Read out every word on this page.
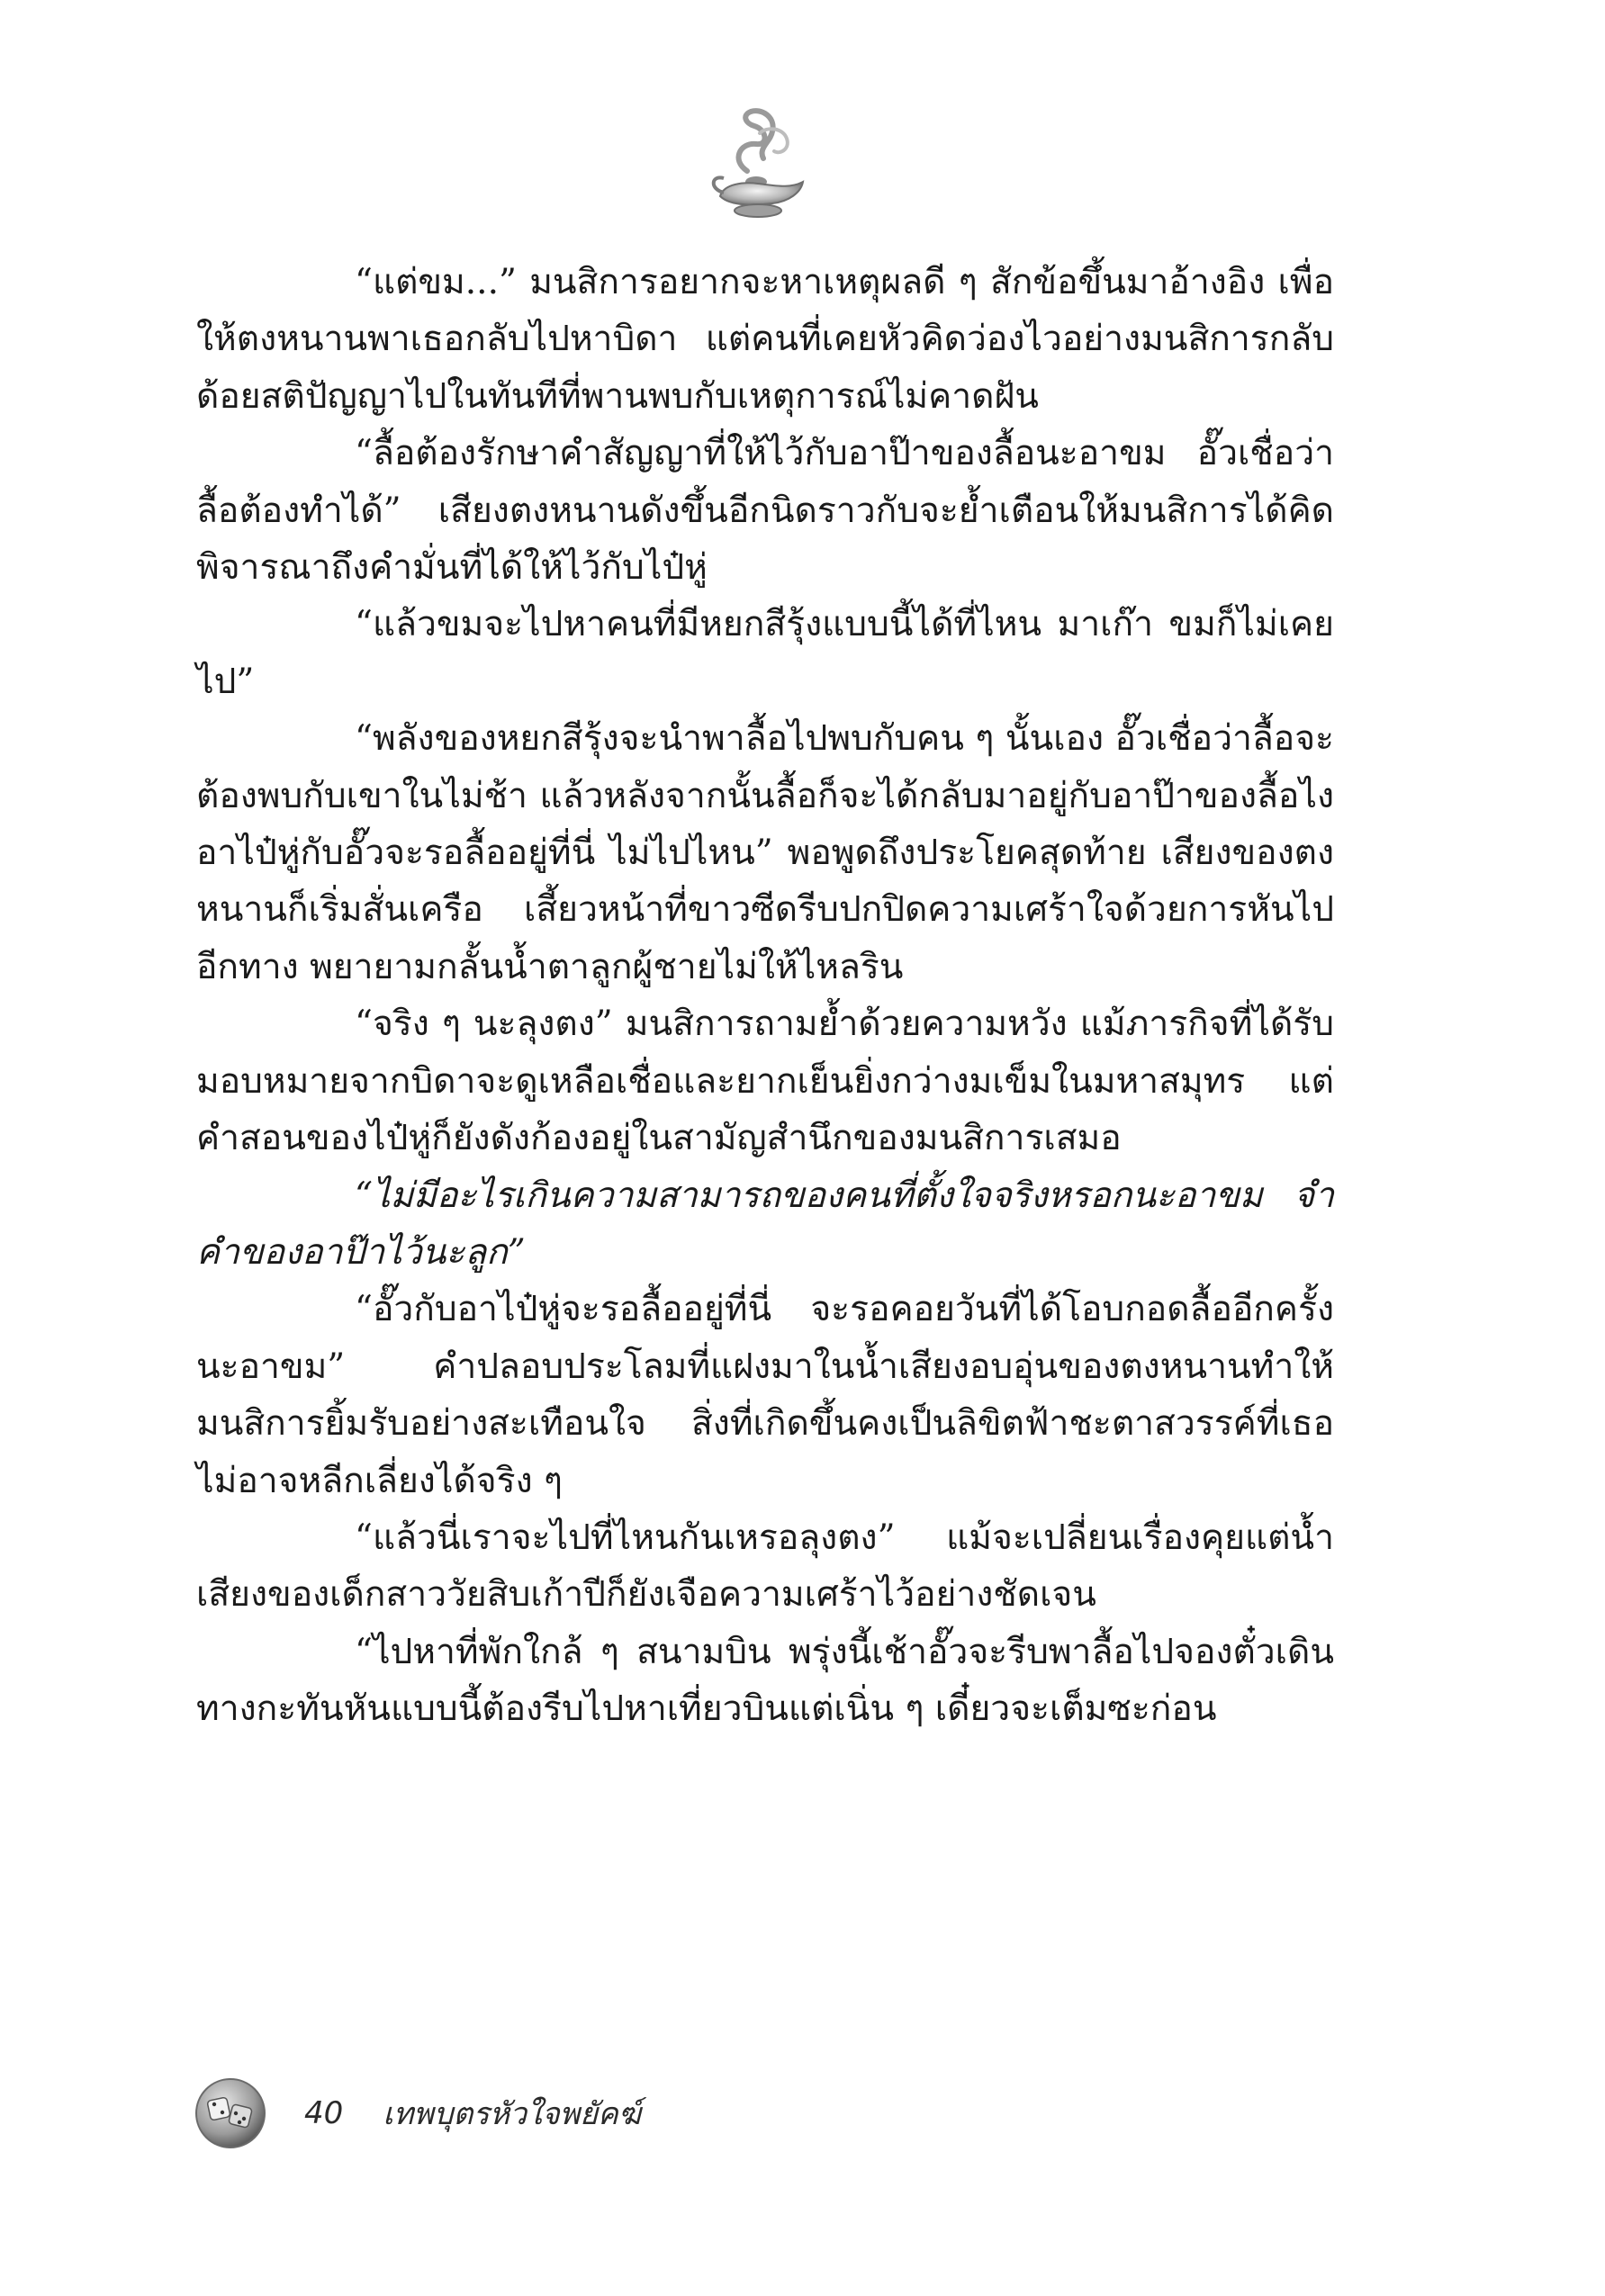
“แต่ขม...” มนสิการอยากจะหาเหตุผลดี ๆ สักข้อขึ้นมาอ้างอิง เพื่อให้ตงหนานพาเธอกลับไปหาบิดา แต่คนที่เคยหัวคิดว่องไวอย่างมนสิการกลับด้อยสติปัญญาไปในทันทีที่พานพบกับเหตุการณ์ไม่คาดฝัน

“ลื้อต้องรักษาคำสัญญาที่ให้ไว้กับอาป๊าของลื้อนะอาขม อั๊วเชื่อว่าลื้อต้องทำได้” เสียงตงหนานดังขึ้นอีกนิดราวกับจะย้ำเตือนให้มนสิการได้คิดพิจารณาถึงคำมั่นที่ได้ให้ไว้กับไป๋หู่

“แล้วขมจะไปหาคนที่มีหยกสีรุ้งแบบนี้ได้ที่ไหน มาเก๊า ขมก็ไม่เคยไป”

“พลังของหยกสีรุ้งจะนำพาลื้อไปพบกับคน ๆ นั้นเอง อั๊วเชื่อว่าลื้อจะต้องพบกับเขาในไม่ช้า แล้วหลังจากนั้นลื้อก็จะได้กลับมาอยู่กับอาป๊าของลื้อไง อาไป๋หู่กับอั๊วจะรอลื้ออยู่ที่นี่ ไม่ไปไหน” พอพูดถึงประโยคสุดท้าย เสียงของตงหนานก็เริ่มสั่นเครือ เสี้ยวหน้าที่ขาวซีดรีบปกปิดความเศร้าใจด้วยการหันไปอีกทาง พยายามกลั้นน้ำตาลูกผู้ชายไม่ให้ไหลริน

“จริง ๆ นะลุงตง” มนสิการถามย้ำด้วยความหวัง แม้ภารกิจที่ได้รับมอบหมายจากบิดาจะดูเหลือเชื่อและยากเย็นยิ่งกว่างมเข็มในมหาสมุทร แต่คำสอนของไป๋หู่ก็ยังดังก้องอยู่ในสามัญสำนึกของมนสิการเสมอ

“ไม่มีอะไรเกินความสามารถของคนที่ตั้งใจจริงหรอกนะอาขม จำคำของอาป๊าไว้นะลูก”

“อั๊วกับอาไป๋หู่จะรอลื้ออยู่ที่นี่ จะรอคอยวันที่ได้โอบกอดลื้ออีกครั้งนะอาขม” คำปลอบประโลมที่แฝงมาในน้ำเสียงอบอุ่นของตงหนานทำให้มนสิการยิ้มรับอย่างสะเทือนใจ สิ่งที่เกิดขึ้นคงเป็นลิขิตฟ้าชะตาสวรรค์ที่เธอไม่อาจหลีกเลี่ยงได้จริง ๆ

“แล้วนี่เราจะไปที่ไหนกันเหรอลุงตง” แม้จะเปลี่ยนเรื่องคุยแต่น้ำเสียงของเด็กสาววัยสิบเก้าปีก็ยังเจือความเศร้าไว้อย่างชัดเจน

“ไปหาที่พักใกล้ ๆ สนามบิน พรุ่งนี้เช้าอั๊วจะรีบพาลื้อไปจองตั๋วเดินทางกะทันหันแบบนี้ต้องรีบไปหาเที่ยวบินแต่เนิ่น ๆ เดี๋ยวจะเต็มซะก่อน

40 เทพบุตรหัวใจพยัคฆ์
